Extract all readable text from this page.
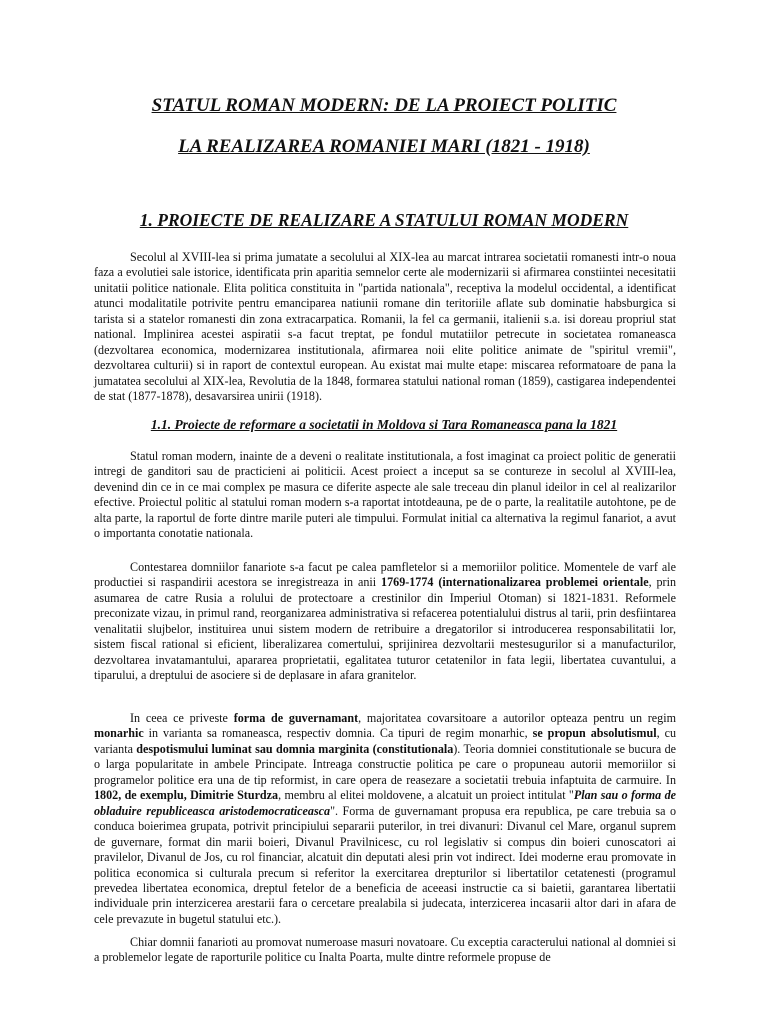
STATUL ROMAN MODERN: DE LA PROIECT POLITIC

LA REALIZAREA ROMANIEI MARI (1821 - 1918)

1. PROIECTE DE REALIZARE A STATULUI ROMAN MODERN

Secolul al XVIII-lea si prima jumatate a secolului al XIX-lea au marcat intrarea societatii romanesti intr-o noua faza a evolutiei sale istorice, identificata prin aparitia semnelor certe ale modernizarii si afirmarea constiintei necesitatii unitatii politice nationale. Elita politica constituita in "partida nationala", receptiva la modelul occidental, a identificat atunci modalitatile potrivite pentru emanciparea natiunii romane din teritoriile aflate sub dominatie habsburgica si tarista si a statelor romanesti din zona extracarpatica. Romanii, la fel ca germanii, italienii s.a. isi doreau propriul stat national. Implinirea acestei aspiratii s-a facut treptat, pe fondul mutatiilor petrecute in societatea romaneasca (dezvoltarea economica, modernizarea institutionala, afirmarea noii elite politice animate de "spiritul vremii", dezvoltarea culturii) si in raport de contextul european. Au existat mai multe etape: miscarea reformatoare de pana la jumatatea secolului al XIX-lea, Revolutia de la 1848, formarea statului national roman (1859), castigarea independentei de stat (1877-1878), desavarsirea unirii (1918).

1.1. Proiecte de reformare a societatii in Moldova si Tara Romaneasca pana la 1821

Statul roman modern, inainte de a deveni o realitate institutionala, a fost imaginat ca proiect politic de generatii intregi de ganditori sau de practicieni ai politicii. Acest proiect a inceput sa se contureze in secolul al XVIII-lea, devenind din ce in ce mai complex pe masura ce diferite aspecte ale sale treceau din planul ideilor in cel al realizarilor efective. Proiectul politic al statului roman modern s-a raportat intotdeauna, pe de o parte, la realitatile autohtone, pe de alta parte, la raportul de forte dintre marile puteri ale timpului. Formulat initial ca alternativa la regimul fanariot, a avut o importanta conotatie nationala.

Contestarea domniilor fanariote s-a facut pe calea pamfletelor si a memoriilor politice. Momentele de varf ale productiei si raspandirii acestora se inregistreaza in anii 1769-1774 (internationalizarea problemei orientale, prin asumarea de catre Rusia a rolului de protectoare a crestinilor din Imperiul Otoman) si 1821-1831. Reformele preconizate vizau, in primul rand, reorganizarea administrativa si refacerea potentialului distrus al tarii, prin desfiintarea venalitatii slujbelor, instituirea unui sistem modern de retribuire a dregatorilor si introducerea responsabilitatii lor, sistem fiscal rational si eficient, liberalizarea comertului, sprijinirea dezvoltarii mestesugurilor si a manufacturilor, dezvoltarea invatamantului, apararea proprietatii, egalitatea tuturor cetatenilor in fata legii, libertatea cuvantului, a tiparului, a dreptului de asociere si de deplasare in afara granitelor.

In ceea ce priveste forma de guvernamant, majoritatea covarsitoare a autorilor opteaza pentru un regim monarhic in varianta sa romaneasca, respectiv domnia. Ca tipuri de regim monarhic, se propun absolutismul, cu varianta despotismului luminat sau domnia marginita (constitutionala). Teoria domniei constitutionale se bucura de o larga popularitate in ambele Principate. Intreaga constructie politica pe care o propuneau autorii memoriilor si programelor politice era una de tip reformist, in care opera de reasezare a societatii trebuia infaptuita de carmuire. In 1802, de exemplu, Dimitrie Sturdza, membru al elitei moldovene, a alcatuit un proiect intitulat "Plan sau o forma de obladuire republiceasca aristodemocraticeasca". Forma de guvernamant propusa era republica, pe care trebuia sa o conduca boierimea grupata, potrivit principiului separarii puterilor, in trei divanuri: Divanul cel Mare, organul suprem de guvernare, format din marii boieri, Divanul Pravilnicesc, cu rol legislativ si compus din boieri cunoscatori ai pravilelor, Divanul de Jos, cu rol financiar, alcatuit din deputati alesi prin vot indirect. Idei moderne erau promovate in politica economica si culturala precum si referitor la exercitarea drepturilor si libertatilor cetatenesti (programul prevedea libertatea economica, dreptul fetelor de a beneficia de aceeasi instructie ca si baietii, garantarea libertatii individuale prin interzicerea arestarii fara o cercetare prealabila si judecata, interzicerea incasarii altor dari in afara de cele prevazute in bugetul statului etc.).

Chiar domnii fanarioti au promovat numeroase masuri novatoare. Cu exceptia caracterului national al domniei si a problemelor legate de raporturile politice cu Inalta Poarta, multe dintre reformele propuse de
